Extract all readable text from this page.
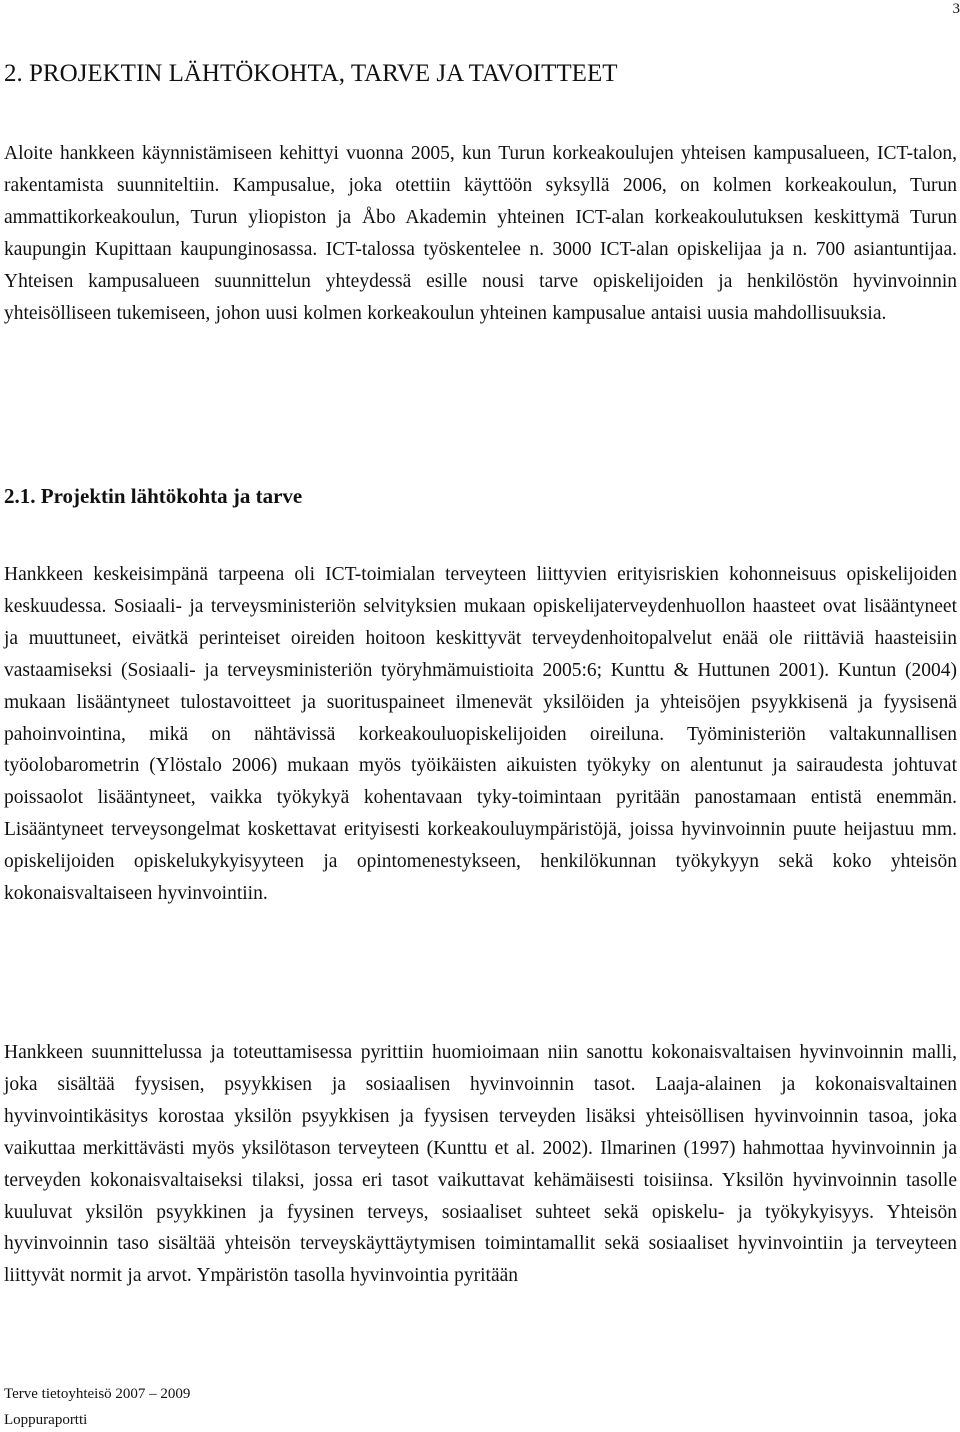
3
2. PROJEKTIN LÄHTÖKOHTA, TARVE JA TAVOITTEET

Aloite hankkeen käynnistämiseen kehittyi vuonna 2005, kun Turun korkeakoulujen yhteisen kampusalueen, ICT-talon, rakentamista suunniteltiin. Kampusalue, joka otettiin käyttöön syksyllä 2006, on kolmen korkeakoulun, Turun ammattikorkeakoulun, Turun yliopiston ja Åbo Akademin yhteinen ICT-alan korkeakoulutuksen keskittymä Turun kaupungin Kupittaan kaupunginosassa. ICT-talossa työskentelee n. 3000 ICT-alan opiskelijaa ja n. 700 asiantuntijaa. Yhteisen kampusalueen suunnittelun yhteydessä esille nousi tarve opiskelijoiden ja henkilöstön hyvinvoinnin yhteisölliseen tukemiseen, johon uusi kolmen korkeakoulun yhteinen kampusalue antaisi uusia mahdollisuuksia.

2.1. Projektin lähtökohta ja tarve

Hankkeen keskeisimpänä tarpeena oli ICT-toimialan terveyteen liittyvien erityisriskien kohonneisuus opiskelijoiden keskuudessa. Sosiaali- ja terveysministeriön selvityksien mukaan opiskelijaterveydenhuollon haasteet ovat lisääntyneet ja muuttuneet, eivätkä perinteiset oireiden hoitoon keskittyvät terveydenhoitopalvelut enää ole riittäviä haasteisiin vastaamiseksi (Sosiaali- ja terveysministeriön työryhmämuistioita 2005:6; Kunttu & Huttunen 2001). Kuntun (2004) mukaan lisääntyneet tulostavoitteet ja suorituspaineet ilmenevät yksilöiden ja yhteisöjen psyykkisenä ja fyysisenä pahoinvointina, mikä on nähtävissä korkeakouluopiskelijoiden oireiluna. Työministeriön valtakunnallisen työolobarometrin (Ylöstalo 2006) mukaan myös työikäisten aikuisten työkyky on alentunut ja sairaudesta johtuvat poissaolot lisääntyneet, vaikka työkykyä kohentavaan tyky-toimintaan pyritään panostamaan entistä enemmän. Lisääntyneet terveysongelmat koskettavat erityisesti korkeakouluympäristöjä, joissa hyvinvoinnin puute heijastuu mm. opiskelijoiden opiskelukykyisyyteen ja opintomenestykseen, henkilökunnan työkykyyn sekä koko yhteisön kokonaisvaltaiseen hyvinvointiin.

Hankkeen suunnittelussa ja toteuttamisessa pyrittiin huomioimaan niin sanottu kokonaisvaltaisen hyvinvoinnin malli, joka sisältää fyysisen, psyykkisen ja sosiaalisen hyvinvoinnin tasot. Laaja-alainen ja kokonaisvaltainen hyvinvointikäsitys korostaa yksilön psyykkisen ja fyysisen terveyden lisäksi yhteisöllisen hyvinvoinnin tasoa, joka vaikuttaa merkittävästi myös yksilötason terveyteen (Kunttu et al. 2002). Ilmarinen (1997) hahmottaa hyvinvoinnin ja terveyden kokonaisvaltaiseksi tilaksi, jossa eri tasot vaikuttavat kehämäisesti toisiinsa. Yksilön hyvinvoinnin tasolle kuuluvat yksilön psyykkinen ja fyysinen terveys, sosiaaliset suhteet sekä opiskelu- ja työkykyisyys. Yhteisön hyvinvoinnin taso sisältää yhteisön terveyskäyttäytymisen toimintamallit sekä sosiaaliset hyvinvointiin ja terveyteen liittyvät normit ja arvot. Ympäristön tasolla hyvinvointia pyritään

Terve tietoyhteisö 2007 – 2009
Loppuraportti
